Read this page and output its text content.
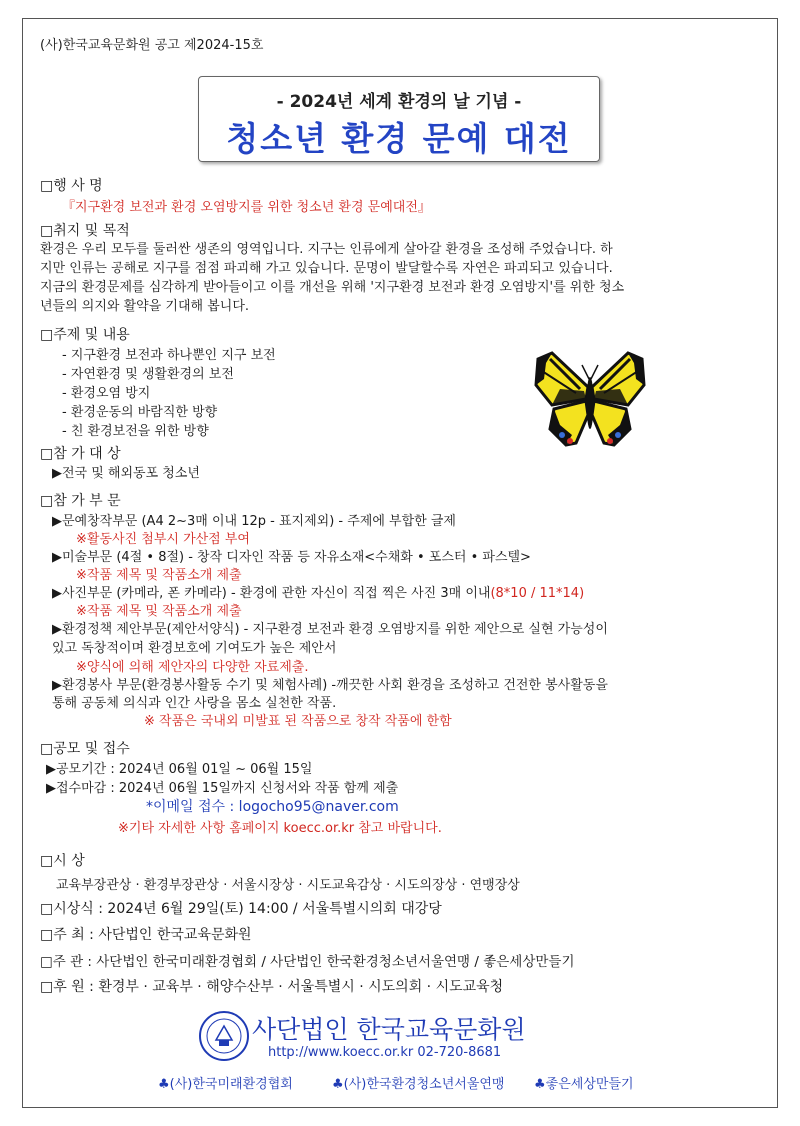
(사)한국교육문화원 공고 제2024-15호
- 2024년 세계 환경의 날 기념 -
청소년 환경 문예 대전
□행 사 명
『지구환경 보전과 환경 오염방지를 위한 청소년 환경 문예대전』
□취지 및 목적
환경은 우리 모두를 둘러싼 생존의 영역입니다. 지구는 인류에게 살아갈 환경을 조성해 주었습니다. 하
지만 인류는 공해로 지구를 점점 파괴해 가고 있습니다. 문명이 발달할수록 자연은 파괴되고 있습니다.
지금의 환경문제를 심각하게 받아들이고 이를 개선을 위해 '지구환경 보전과 환경 오염방지'를 위한 청소
년들의 의지와 활약을 기대해 봅니다.
□주제 및 내용
- 지구환경 보전과 하나뿐인 지구 보전
- 자연환경 및 생활환경의 보전
- 환경오염 방지
- 환경운동의 바람직한 방향
- 친 환경보전을 위한 방향
□참 가 대 상
▶전국 및 해외동포 청소년
□참 가 부 문
▶문예창작부문 (A4 2~3매 이내 12p - 표지제외) - 주제에 부합한 글제
※활동사진 첨부시 가산점 부여
▶미술부문 (4절 • 8절) - 창작 디자인 작품 등 자유소재<수채화 • 포스터 • 파스텔>
※작품 제목 및 작품소개 제출
▶사진부문 (카메라, 폰 카메라) - 환경에 관한 자신이 직접 찍은 사진 3매 이내(8*10 / 11*14)
※작품 제목 및 작품소개 제출
▶환경정책 제안부문(제안서양식) - 지구환경 보전과 환경 오염방지를 위한 제안으로 실현 가능성이
있고 독창적이며 환경보호에 기여도가 높은 제안서
※양식에 의해 제안자의 다양한 자료제출.
▶환경봉사 부문(환경봉사활동 수기 및 체험사례) -깨끗한 사회 환경을 조성하고 건전한 봉사활동을
통해 공동체 의식과 인간 사랑을 몸소 실천한 작품.
※ 작품은 국내외 미발표 된 작품으로 창작 작품에 한함
□공모 및 접수
▶공모기간 : 2024년 06월 01일 ~ 06월 15일
▶접수마감 : 2024년 06월 15일까지 신청서와 작품 함께 제출
*이메일 접수 : logocho95@naver.com
※기타 자세한 사항 홈페이지 koecc.or.kr 참고 바랍니다.
□시 상
교육부장관상 · 환경부장관상 · 서울시장상 · 시도교육감상 · 시도의장상 · 연맹장상
□시상식 : 2024년 6월 29일(토) 14:00 / 서울특별시의회 대강당
□주 최 : 사단법인 한국교육문화원
□주 관 : 사단법인 한국미래환경협회 / 사단법인 한국환경청소년서울연맹 / 좋은세상만들기
□후 원 : 환경부 · 교육부 · 해양수산부 · 서울특별시 · 시도의회 · 시도교육청
사단법인 한국교육문화원
http://www.koecc.or.kr 02-720-8681
♣(사)한국미래환경협회	♣(사)한국환경청소년서울연맹 ♣좋은세상만들기
